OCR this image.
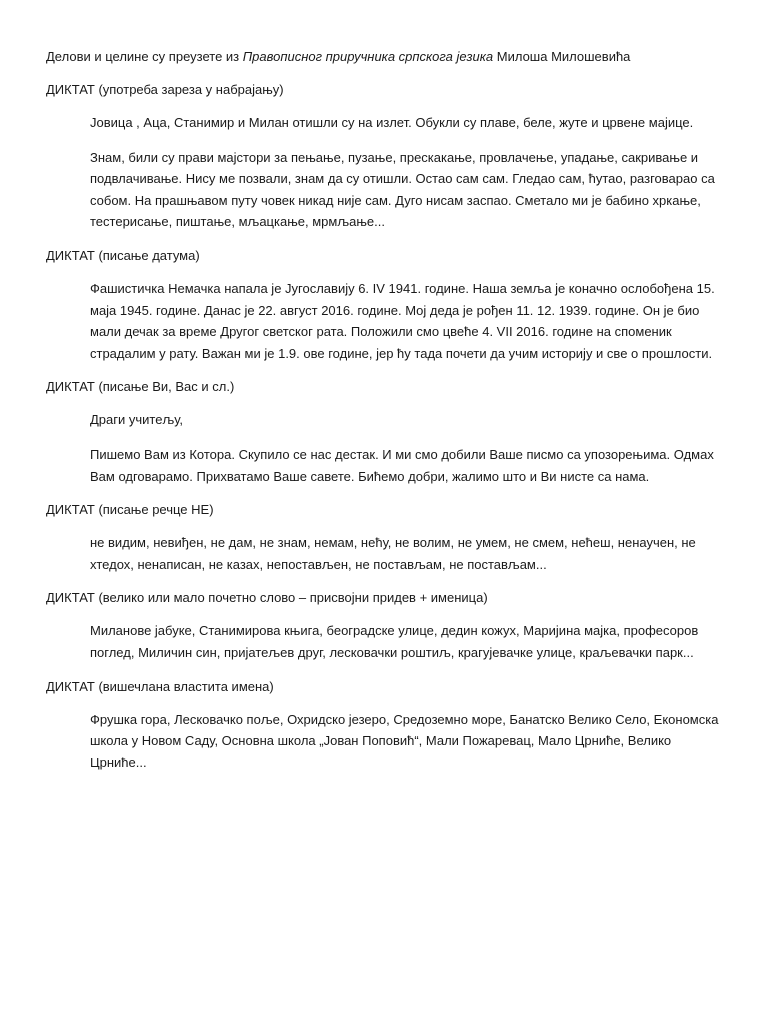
Делови и целине су преузете из Правописног приручника српскога језика Милоша Милошевића

ДИКТАТ (употреба зареза у набрајању)

Јовица , Аца, Станимир и Милан отишли су на излет. Обукли су плаве, беле, жуте и црвене мајице.

Знам, били су прави мајстори за пењање, пузање, прескакање, провлачење, упадање, сакривање и подвлачивање. Нису ме позвали, знам да су отишли. Остао сам сам. Гледао сам, ћутао, разговарао са собом. На прашњавом путу човек никад није сам. Дуго нисам заспао. Сметало ми је бабино хркање, тестерисање, пиштање, мљацкање, мрмљање...

ДИКТАТ (писање датума)

Фашистичка Немачка напала је Југославију 6. IV 1941. године. Наша земља је коначно ослобођена 15. маја 1945. године. Данас је 22. август 2016. године. Мој деда је рођен 11. 12. 1939. године. Он је био мали дечак за време Другог светског рата. Положили смо цвеће 4. VII 2016. године на споменик страдалим у рату. Важан ми је 1.9. ове године, јер ћу тада почети да учим историју и све о прошлости.

ДИКТАТ (писање Ви, Вас и сл.)

Драги учитељу,

Пишемо Вам из Котора. Скупило се нас дестак. И ми смо добили Ваше писмо са упозорењима. Одмах Вам одговарамо. Прихватамо Ваше савете. Бићемо добри, жалимо што и Ви нисте са нама.

ДИКТАТ (писање речце НЕ)

не видим, невиђен, не дам, не знам, немам, нећу, не волим, не умем, не смем, нећеш, ненаучен, не хтедох, ненаписан, не казах, непостављен, не постављам, не постављам...

ДИКТАТ (велико или мало почетно слово – присвојни придев + именица)

Миланове јабуке, Станимирова књига, београдске улице, дедин кожух, Маријина мајка, професоров поглед, Миличин син, пријатељев друг, лесковачки роштиљ, крагујевачке улице, краљевачки парк...

ДИКТАТ (вишечлана властита имена)

Фрушка гора, Лесковачко поље, Охридско језеро, Средоземно море, Банатско Велико Село, Економска школа у Новом Саду, Основна школа „Јован Поповић“, Мали Пожаревац, Мало Црниће, Велико Црниће...
